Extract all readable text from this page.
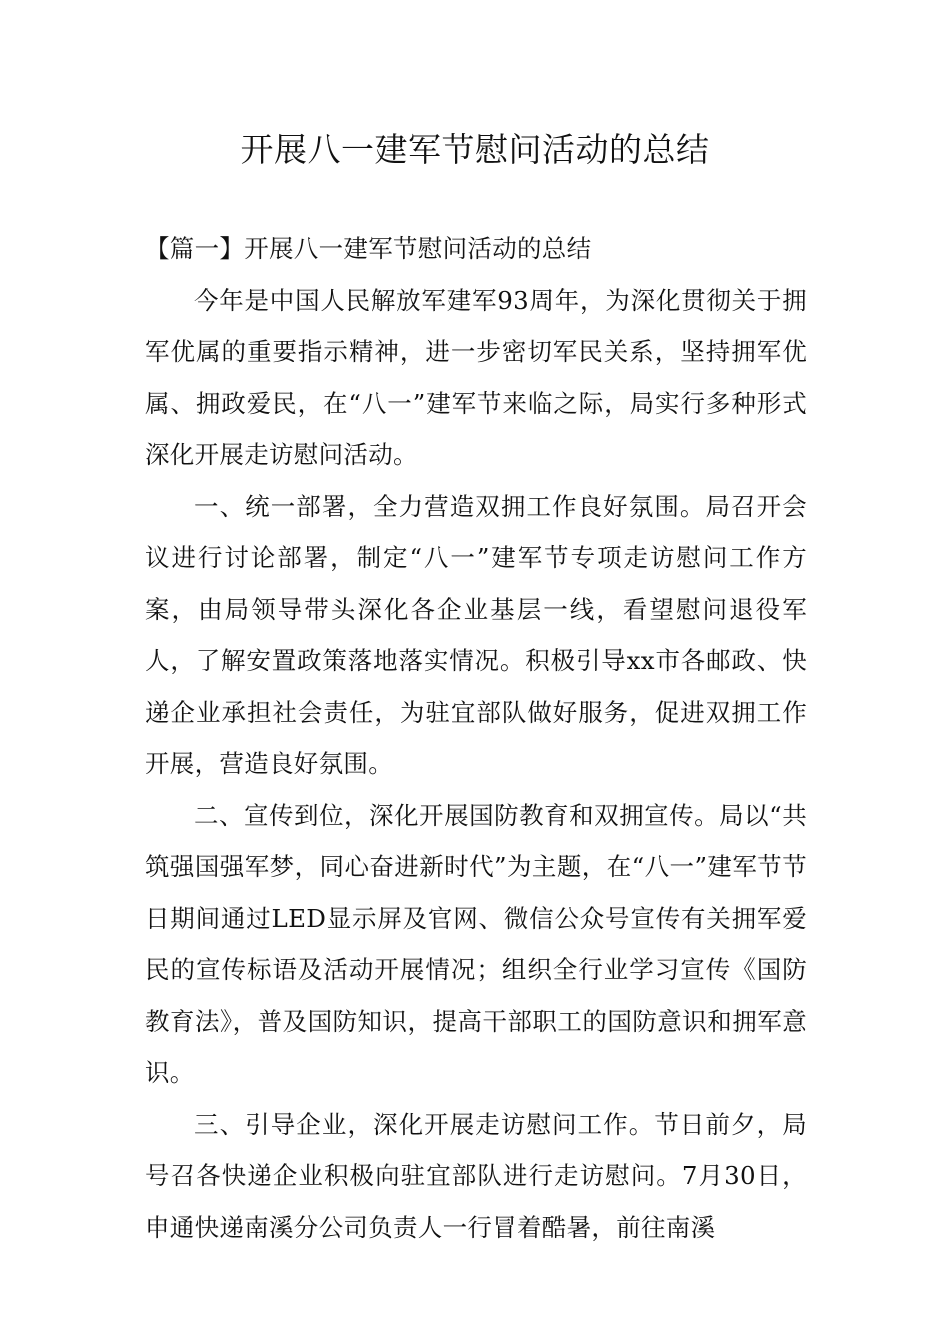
开展八一建军节慰问活动的总结

【篇一】开展八一建军节慰问活动的总结

今年是中国人民解放军建军93周年，为深化贯彻关于拥军优属的重要指示精神，进一步密切军民关系，坚持拥军优属、拥政爱民，在“八一”建军节来临之际，局实行多种形式深化开展走访慰问活动。

一、统一部署，全力营造双拥工作良好氛围。局召开会议进行讨论部署，制定“八一”建军节专项走访慰问工作方案，由局领导带头深化各企业基层一线，看望慰问退役军人，了解安置政策落地落实情况。积极引导xx市各邮政、快递企业承担社会责任，为驻宜部队做好服务，促进双拥工作开展，营造良好氛围。

二、宣传到位，深化开展国防教育和双拥宣传。局以“共筑强国强军梦，同心奋进新时代”为主题，在“八一”建军节节日期间通过LED显示屏及官网、微信公众号宣传有关拥军爱民的宣传标语及活动开展情况；组织全行业学习宣传《国防教育法》，普及国防知识，提高干部职工的国防意识和拥军意识。

三、引导企业，深化开展走访慰问工作。节日前夕，局号召各快递企业积极向驻宜部队进行走访慰问。7月30日，申通快递南溪分公司负责人一行冒着酷暑，前往南溪
